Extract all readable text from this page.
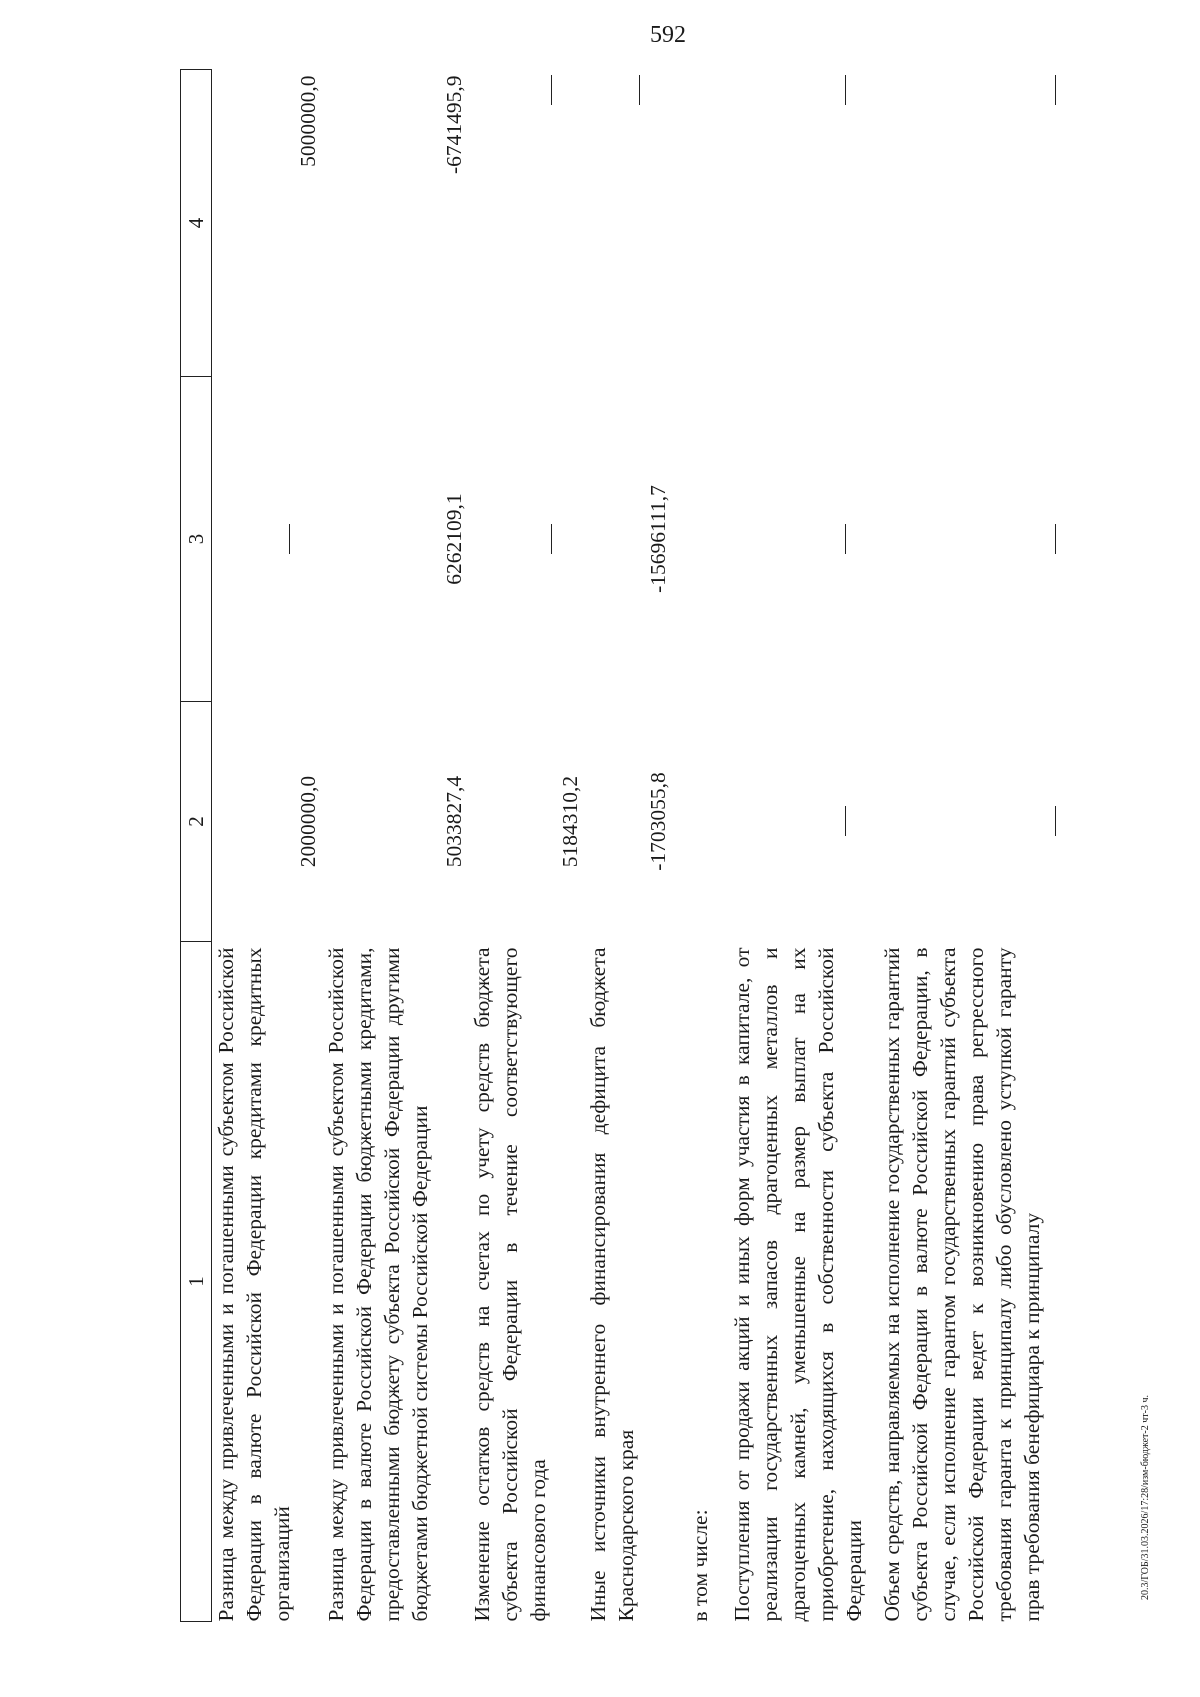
592
1	2	3	4
Разница между привлеченными и погашенными субъектом Российской Федерации в валюте Российской Федерации кредитами кредитных организаций	2000000,0		5000000,0
Разница между привлеченными и погашенными субъектом Российской Федерации в валюте Российской Федерации бюджетными кредитами, предоставленными бюджету субъекта Российской Федерации другими бюджетами бюджетной системы Российской Федерации	5033827,4	6262109,1	-6741495,9
Изменение остатков средств на счетах по учету средств бюджета субъекта Российской Федерации в течение соответствующего финансового года	5184310,2		
Иные источники внутреннего финансирования дефицита бюджета Краснодарского края	-1703055,8	-15696111,7	
в том числе:			
Поступления от продажи акций и иных форм участия в капитале, от реализации государственных запасов драгоценных металлов и драгоценных камней, уменьшенные на размер выплат на их приобретение, находящихся в собственности субъекта Российской Федерации			
Объем средств, направляемых на исполнение государственных гарантий субъекта Российской Федерации в валюте Российской Федерации, в случае, если исполнение гарантом государственных гарантий субъекта Российской Федерации ведет к возникновению права регрессного требования гаранта к принципалу либо обусловлено уступкой гаранту прав требования бенефициара к принципалу				20.3/ГОБ/31.03.2026/17:28/изм-бюджет-2 чт-3 ч.
